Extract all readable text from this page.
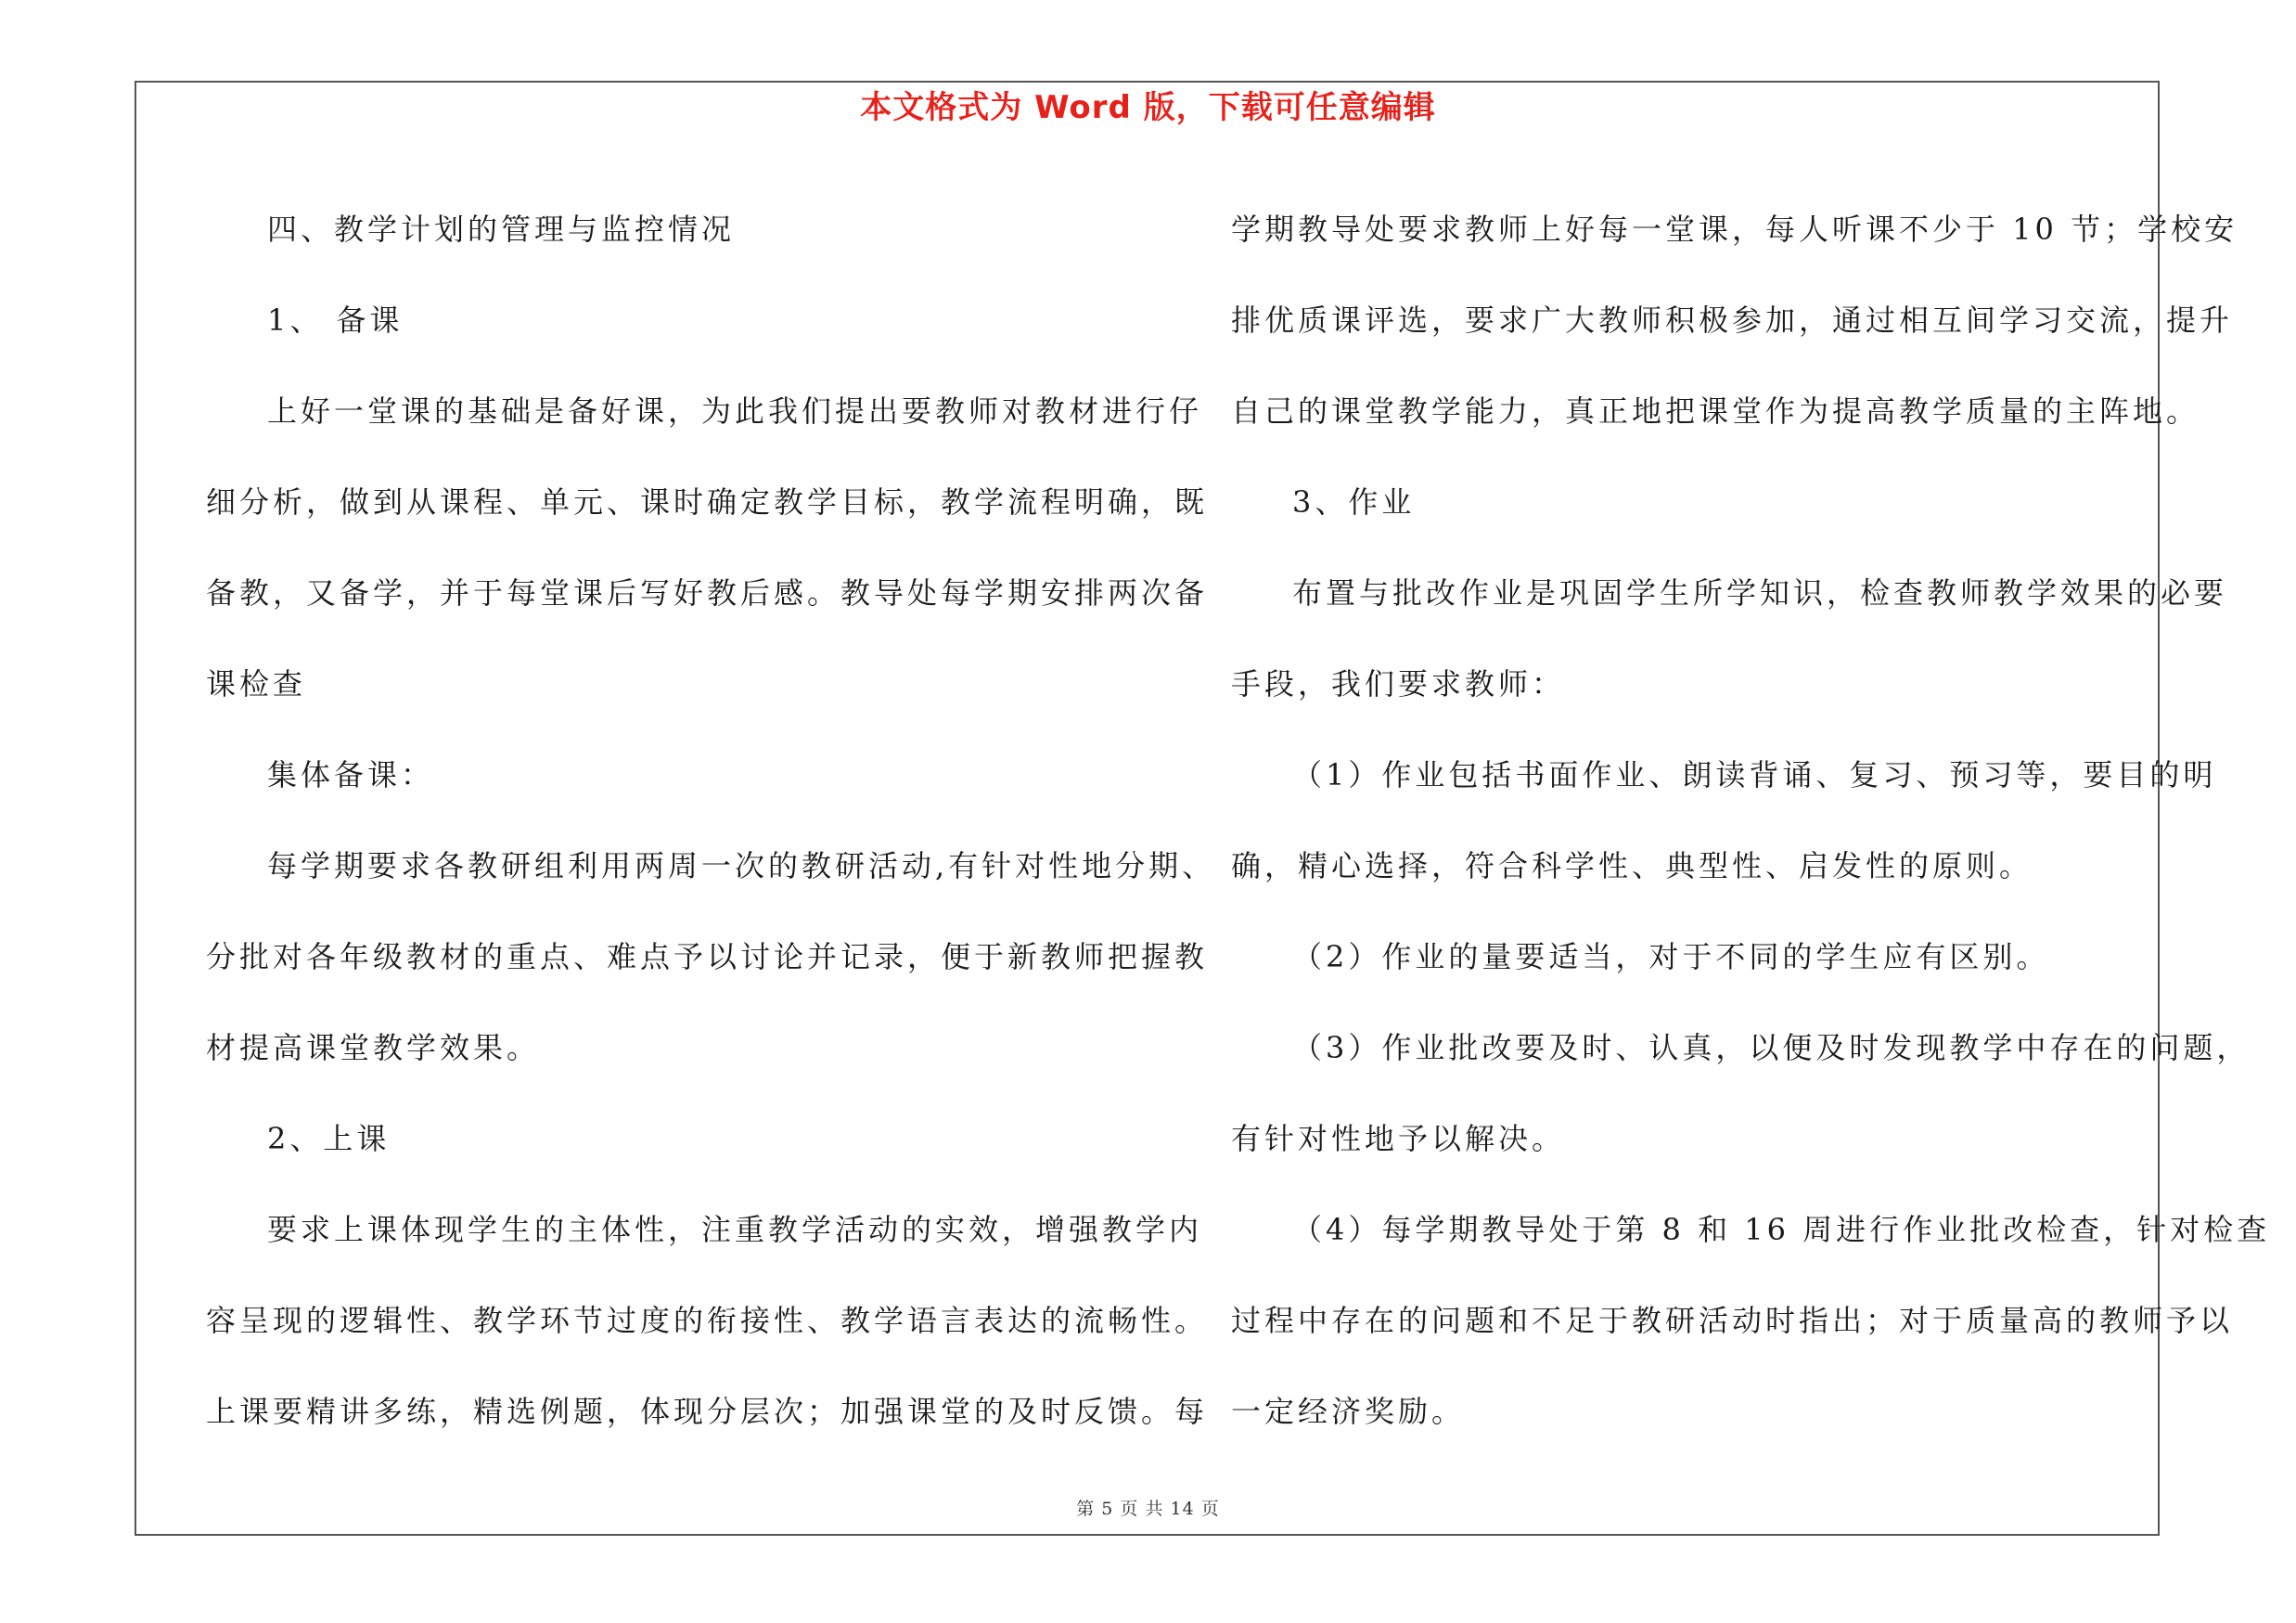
本文格式为 Word 版，下载可任意编辑

四、教学计划的管理与监控情况

1、 备课

上好一堂课的基础是备好课，为此我们提出要教师对教材进行仔

细分析，做到从课程、单元、课时确定教学目标，教学流程明确，既

备教，又备学，并于每堂课后写好教后感。教导处每学期安排两次备

课检查

集体备课：

每学期要求各教研组利用两周一次的教研活动,有针对性地分期、

分批对各年级教材的重点、难点予以讨论并记录，便于新教师把握教

材提高课堂教学效果。

2、上课

要求上课体现学生的主体性，注重教学活动的实效，增强教学内

容呈现的逻辑性、教学环节过度的衔接性、教学语言表达的流畅性。

上课要精讲多练，精选例题，体现分层次；加强课堂的及时反馈。每

学期教导处要求教师上好每一堂课，每人听课不少于 10 节；学校安

排优质课评选，要求广大教师积极参加，通过相互间学习交流，提升

自己的课堂教学能力，真正地把课堂作为提高教学质量的主阵地。

3、作业

布置与批改作业是巩固学生所学知识，检查教师教学效果的必要

手段，我们要求教师：

（1）作业包括书面作业、朗读背诵、复习、预习等，要目的明

确，精心选择，符合科学性、典型性、启发性的原则。

（2）作业的量要适当，对于不同的学生应有区别。

（3）作业批改要及时、认真，以便及时发现教学中存在的问题，

有针对性地予以解决。

（4）每学期教导处于第 8 和 16 周进行作业批改检查，针对检查

过程中存在的问题和不足于教研活动时指出；对于质量高的教师予以

一定经济奖励。

第 5 页 共 14 页
